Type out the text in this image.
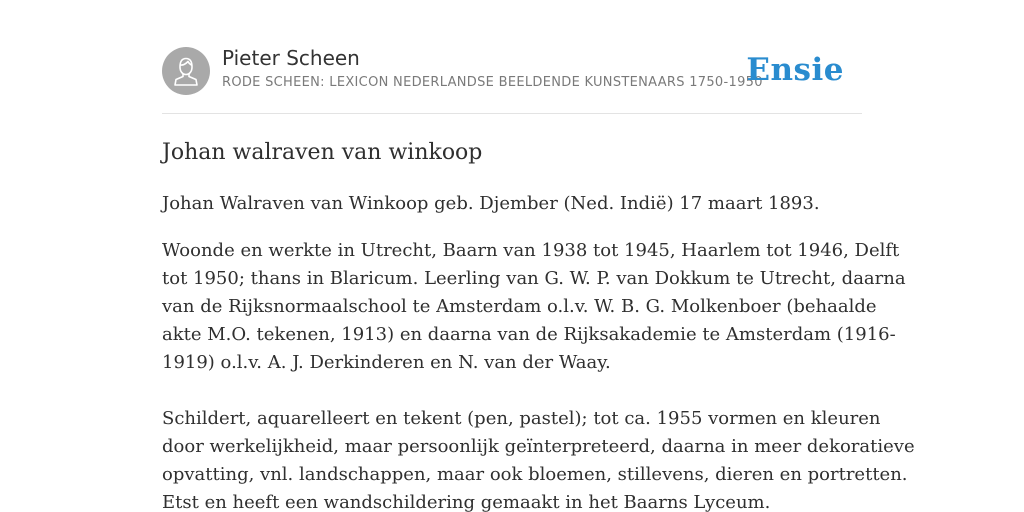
Pieter Scheen
RODE SCHEEN: LEXICON NEDERLANDSE BEELDENDE KUNSTENAARS 1750-1950
Ensie
Johan walraven van winkoop

Johan Walraven van Winkoop geb. Djember (Ned. Indië) 17 maart 1893.

Woonde en werkte in Utrecht, Baarn van 1938 tot 1945, Haarlem tot 1946, Delft
tot 1950; thans in Blaricum. Leerling van G. W. P. van Dokkum te Utrecht, daarna
van de Rijksnormaalschool te Amsterdam o.l.v. W. B. G. Molkenboer (behaalde
akte M.O. tekenen, 1913) en daarna van de Rijksakademie te Amsterdam (1916-
1919) o.l.v. A. J. Derkinderen en N. van der Waay.

Schildert, aquarelleert en tekent (pen, pastel); tot ca. 1955 vormen en kleuren
door werkelijkheid, maar persoonlijk geïnterpreteerd, daarna in meer dekoratieve
opvatting, vnl. landschappen, maar ook bloemen, stillevens, dieren en portretten.
Etst en heeft een wandschildering gemaakt in het Baarns Lyceum.
